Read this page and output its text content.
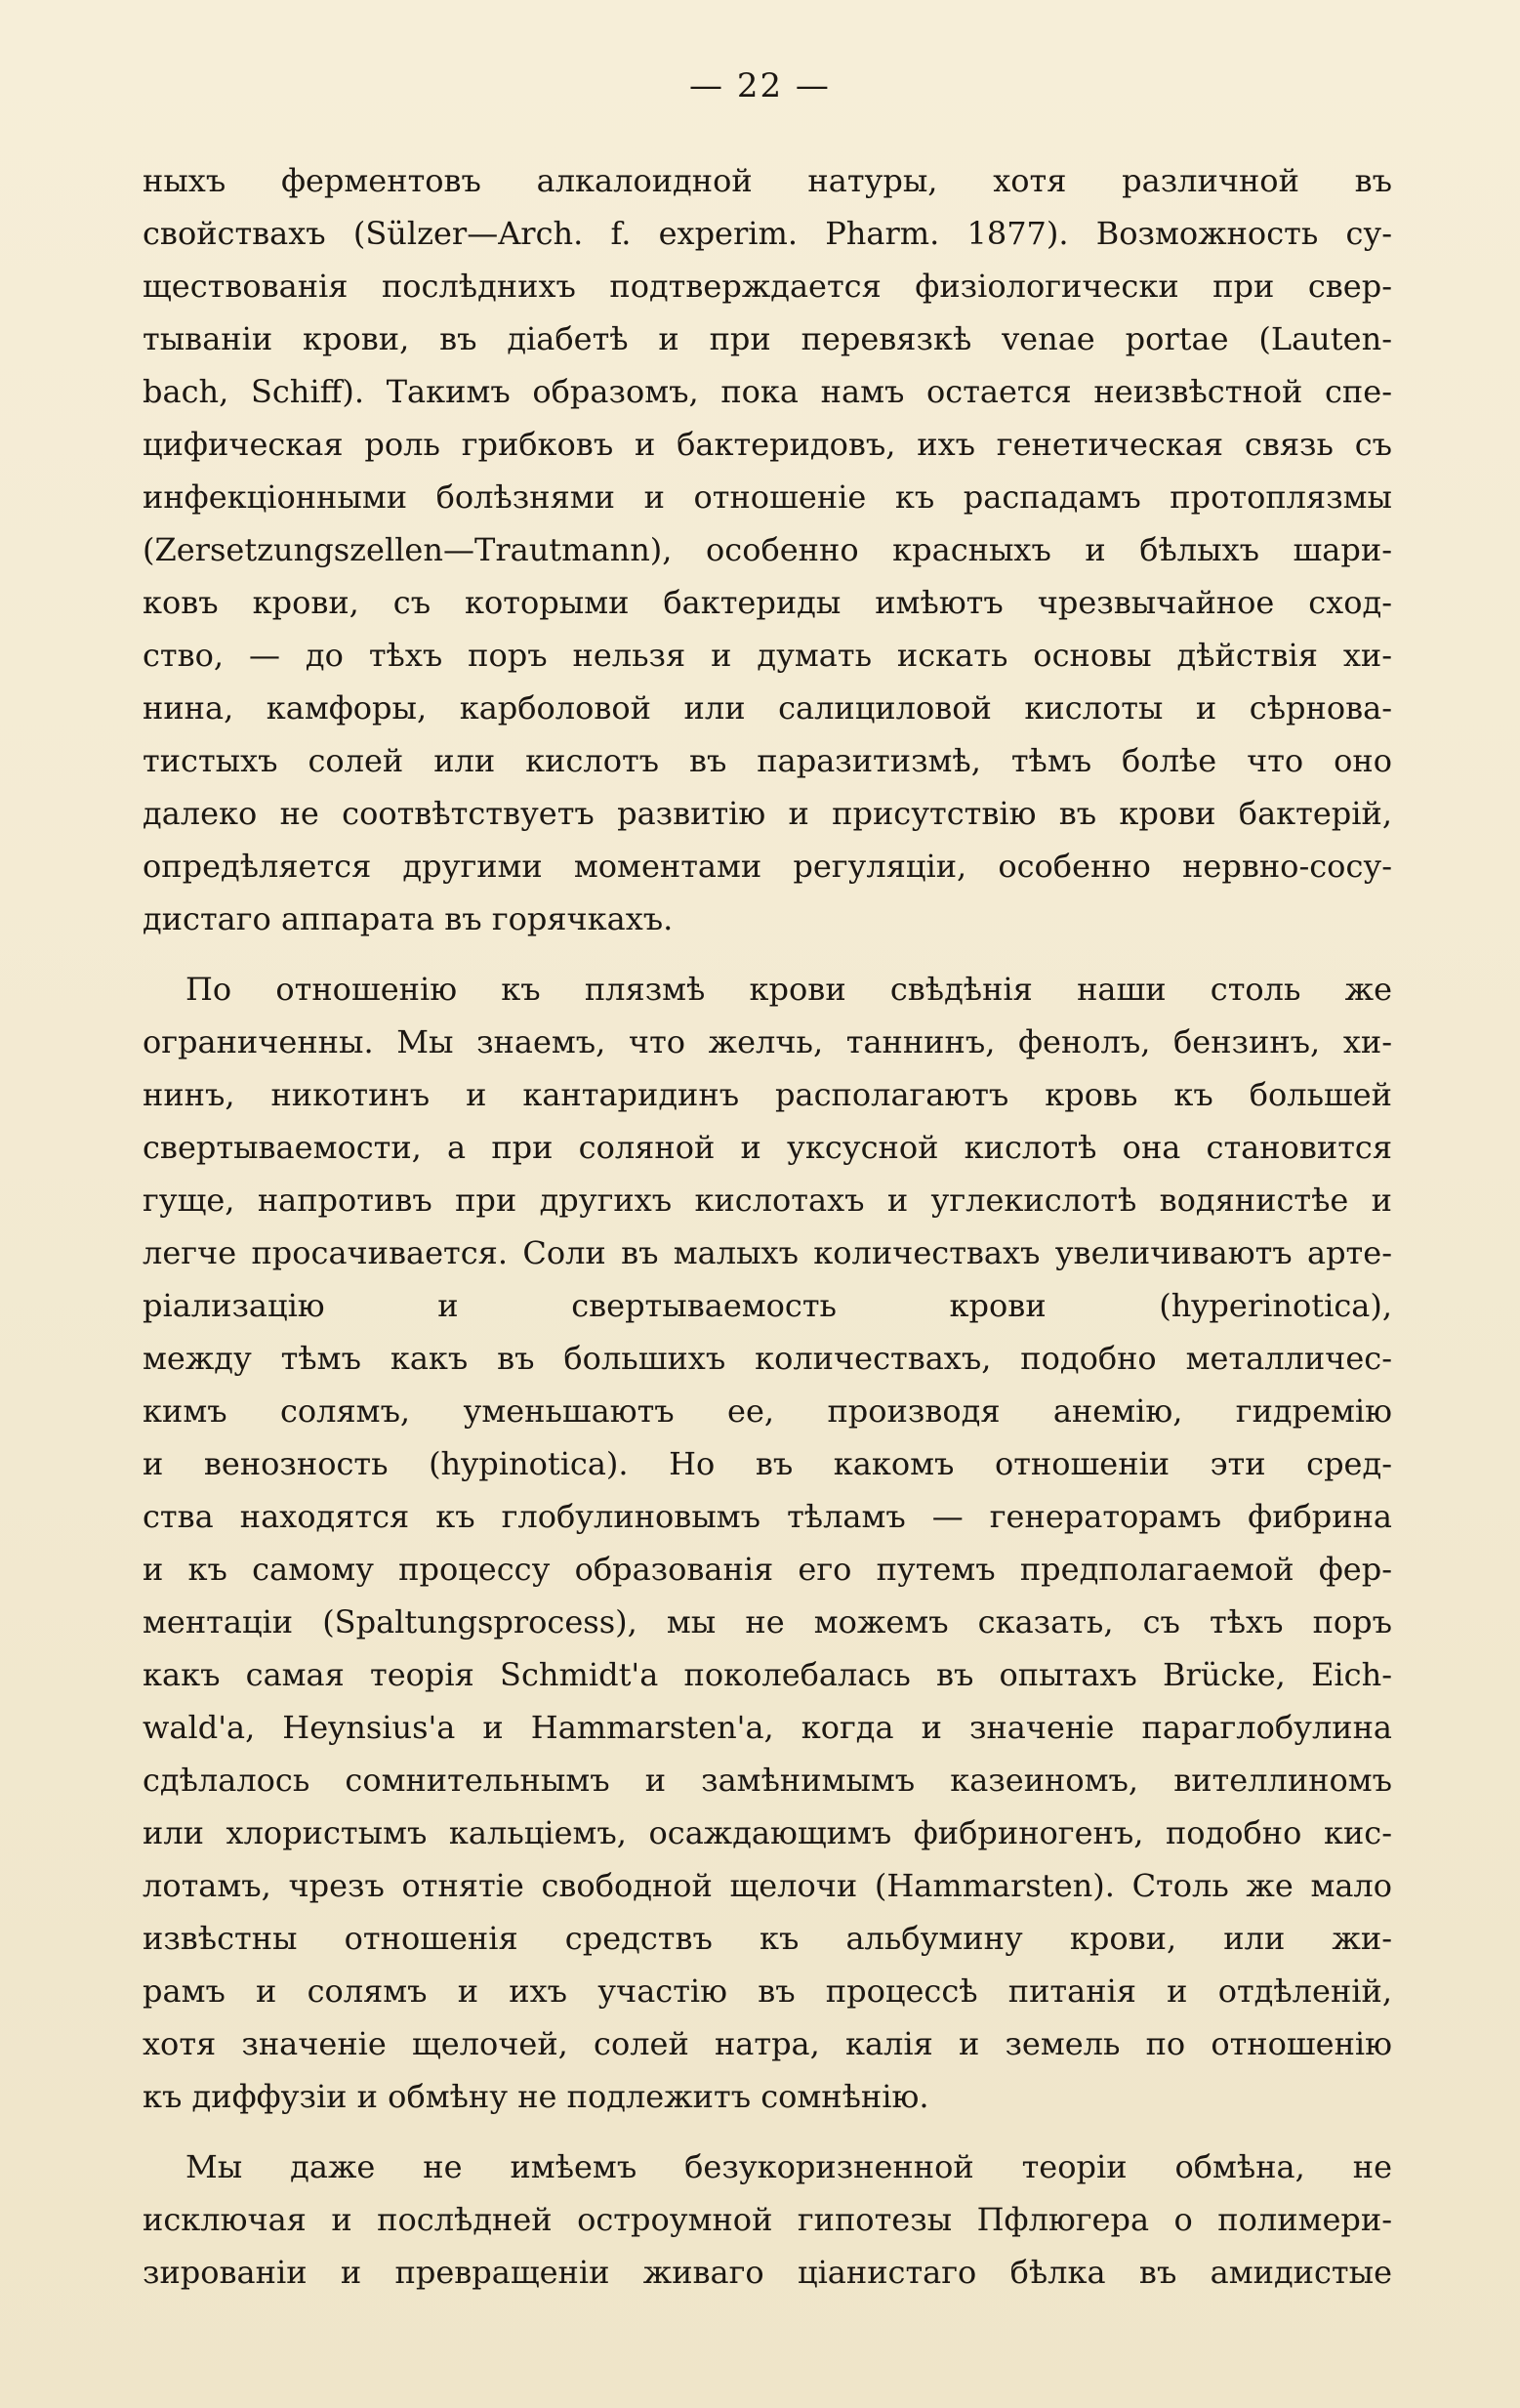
— 22 —
ныхъ ферментовъ алкалоидной натуры, хотя различной въ
свойствахъ (Sülzer—Arch. f. experim. Pharm. 1877). Возможность су-
ществованія послѣднихъ подтверждается физіологически при свер-
тываніи крови, въ діабетѣ и при перевязкѣ venae portae (Lauten-
bach, Schiff). Такимъ образомъ, пока намъ остается неизвѣстной спе-
цифическая роль грибковъ и бактеридовъ, ихъ генетическая связь съ
инфекціонными болѣзнями и отношеніе къ распадамъ протоплязмы
(Zersetzungszellen—Trautmann), особенно красныхъ и бѣлыхъ шари-
ковъ крови, съ которыми бактериды имѣютъ чрезвычайное сход-
ство, — до тѣхъ поръ нельзя и думать искать основы дѣйствія хи-
нина, камфоры, карболовой или салициловой кислоты и сѣрновa-
тистыхъ солей или кислотъ въ паразитизмѣ, тѣмъ болѣе что оно
далеко не соотвѣтствуетъ развитію и присутствію въ крови бактерій,
опредѣляется другими моментами регуляціи, особенно нервно-сосу-
дистаго аппарата въ горячкахъ.
По отношенію къ плязмѣ крови свѣдѣнія наши столь же
ограниченны. Мы знаемъ, что желчь, таннинъ, фенолъ, бензинъ, хи-
нинъ, никотинъ и кантаридинъ располагаютъ кровь къ большей
свертываемости, а при соляной и уксусной кислотѣ она становится
гуще, напротивъ при другихъ кислотахъ и углекислотѣ водянистѣе и
легче просачивается. Соли въ малыхъ количествахъ увеличиваютъ арте-
ріализацію и свертываемость крови (hyperinotica),
между тѣмъ какъ въ большихъ количествахъ, подобно металличес-
кимъ солямъ, уменьшаютъ ее, производя анемію, гидремію
и венозность (hypinotica). Но въ какомъ отношеніи эти сред-
ства находятся къ глобулиновымъ тѣламъ — генераторамъ фибрина
и къ самому процессу образованія его путемъ предполагаемой фер-
ментаціи (Spaltungsprocess), мы не можемъ сказать, съ тѣхъ поръ
какъ самая теорія Schmidt'а поколебалась въ опытахъ Brücke, Eich-
wald'а, Heynsius'а и Hammarsten'а, когда и значеніе параглобулина
сдѣлалось сомнительнымъ и замѣнимымъ казеиномъ, вителлиномъ
или хлористымъ кальціемъ, осаждающимъ фибриногенъ, подобно кис-
лотамъ, чрезъ отнятіе свободной щелочи (Hammarsten). Столь же мало
извѣстны отношенія средствъ къ альбумину крови, или жи-
рамъ и солямъ и ихъ участію въ процессѣ питанія и отдѣленій,
хотя значеніе щелочей, солей натра, калія и земель по отношенію
къ диффузіи и обмѣну не подлежитъ сомнѣнію.
Мы даже не имѣемъ безукоризненной теоріи обмѣна, не
исключая и послѣдней остроумной гипотезы Пфлюгера о полимери-
зированіи и превращеніи живаго ціанистаго бѣлка въ амидистые
